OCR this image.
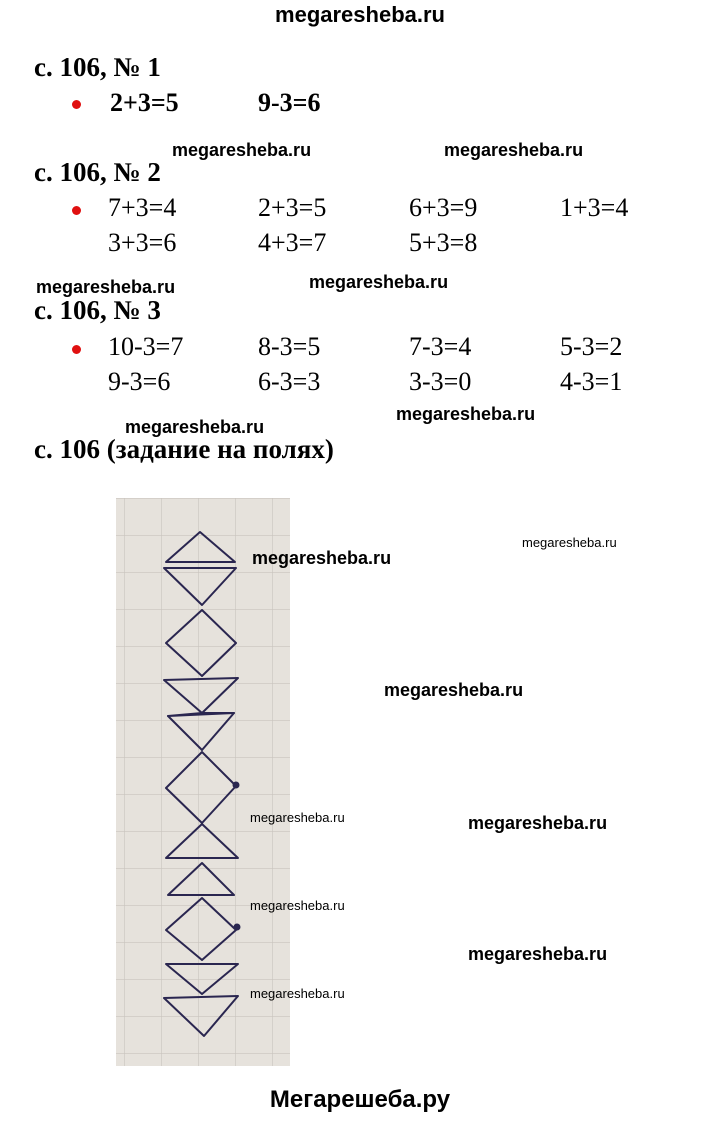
megaresheba.ru
с. 106, № 1
2+3=5	9-3=6
megaresheba.ru	megaresheba.ru
с. 106, № 2
7+3=4	2+3=5	6+3=9	1+3=4
3+3=6	4+3=7	5+3=8
megaresheba.ru	megaresheba.ru
с. 106, № 3
10-3=7	8-3=5	7-3=4	5-3=2
9-3=6	6-3=3	3-3=0	4-3=1
megaresheba.ru
megaresheba.ru
с. 106 (задание на полях)
megaresheba.ru
megaresheba.ru
megaresheba.ru
megaresheba.ru	megaresheba.ru
megaresheba.ru
megaresheba.ru
megaresheba.ru
Мегарешеба.ру
